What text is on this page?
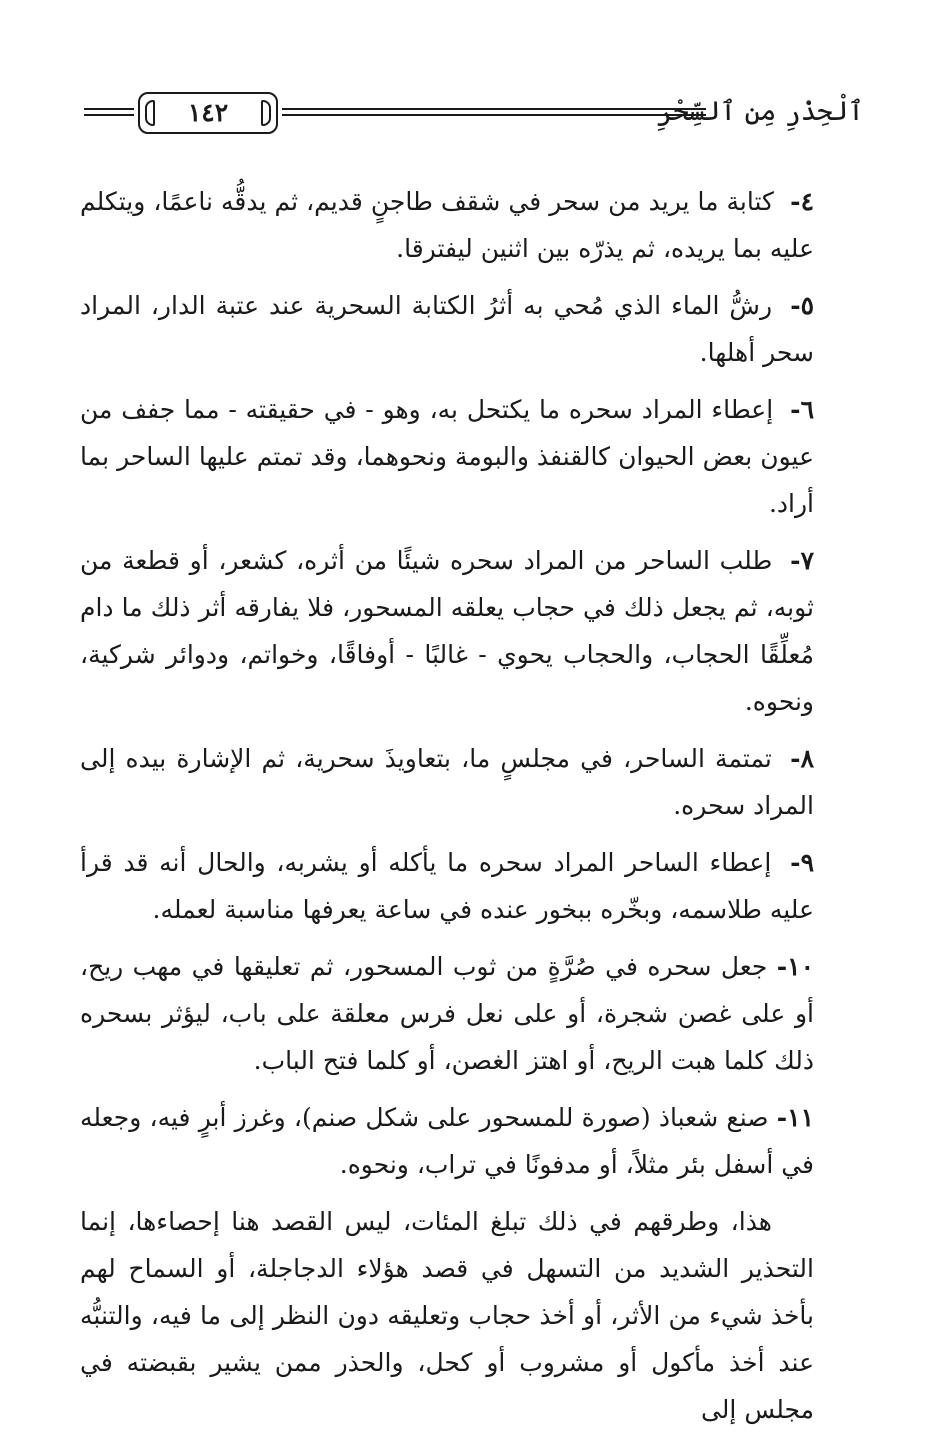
١٤٢	ٱلْحِذْرِ مِن ٱلسِّحْرِ
٤- كتابة ما يريد من سحر في شقف طاجنٍ قديم، ثم يدقُّه ناعمًا، ويتكلم عليه بما يريده، ثم يذرّه بين اثنين ليفترقا.
٥- رشُّ الماء الذي مُحي به أثرُ الكتابة السحرية عند عتبة الدار، المراد سحر أهلها.
٦- إعطاء المراد سحره ما يكتحل به، وهو - في حقيقته - مما جفف من عيون بعض الحيوان كالقنفذ والبومة ونحوهما، وقد تمتم عليها الساحر بما أراد.
٧- طلب الساحر من المراد سحره شيئًا من أثره، كشعر، أو قطعة من ثوبه، ثم يجعل ذلك في حجاب يعلقه المسحور، فلا يفارقه أثر ذلك ما دام مُعلِّقًا الحجاب، والحجاب يحوي - غالبًا - أوفاقًا، وخواتم، ودوائر شركية، ونحوه.
٨- تمتمة الساحر، في مجلسٍ ما، بتعاويذَ سحرية، ثم الإشارة بيده إلى المراد سحره.
٩- إعطاء الساحر المراد سحره ما يأكله أو يشربه، والحال أنه قد قرأ عليه طلاسمه، وبخّره ببخور عنده في ساعة يعرفها مناسبة لعمله.
١٠- جعل سحره في صُرَّةٍ من ثوب المسحور، ثم تعليقها في مهب ريح، أو على غصن شجرة، أو على نعل فرس معلقة على باب، ليؤثر بسحره ذلك كلما هبت الريح، أو اهتز الغصن، أو كلما فتح الباب.
١١- صنع شعباذ (صورة للمسحور على شكل صنم)، وغرز أبرٍ فيه، وجعله في أسفل بئر مثلاً، أو مدفونًا في تراب، ونحوه.

هذا، وطرقهم في ذلك تبلغ المئات، ليس القصد هنا إحصاءها، إنما التحذير الشديد من التسهل في قصد هؤلاء الدجاجلة، أو السماح لهم بأخذ شيء من الأثر، أو أخذ حجاب وتعليقه دون النظر إلى ما فيه، والتنبُّه عند أخذ مأكول أو مشروب أو كحل، والحذر ممن يشير بقبضته في مجلس إلى
